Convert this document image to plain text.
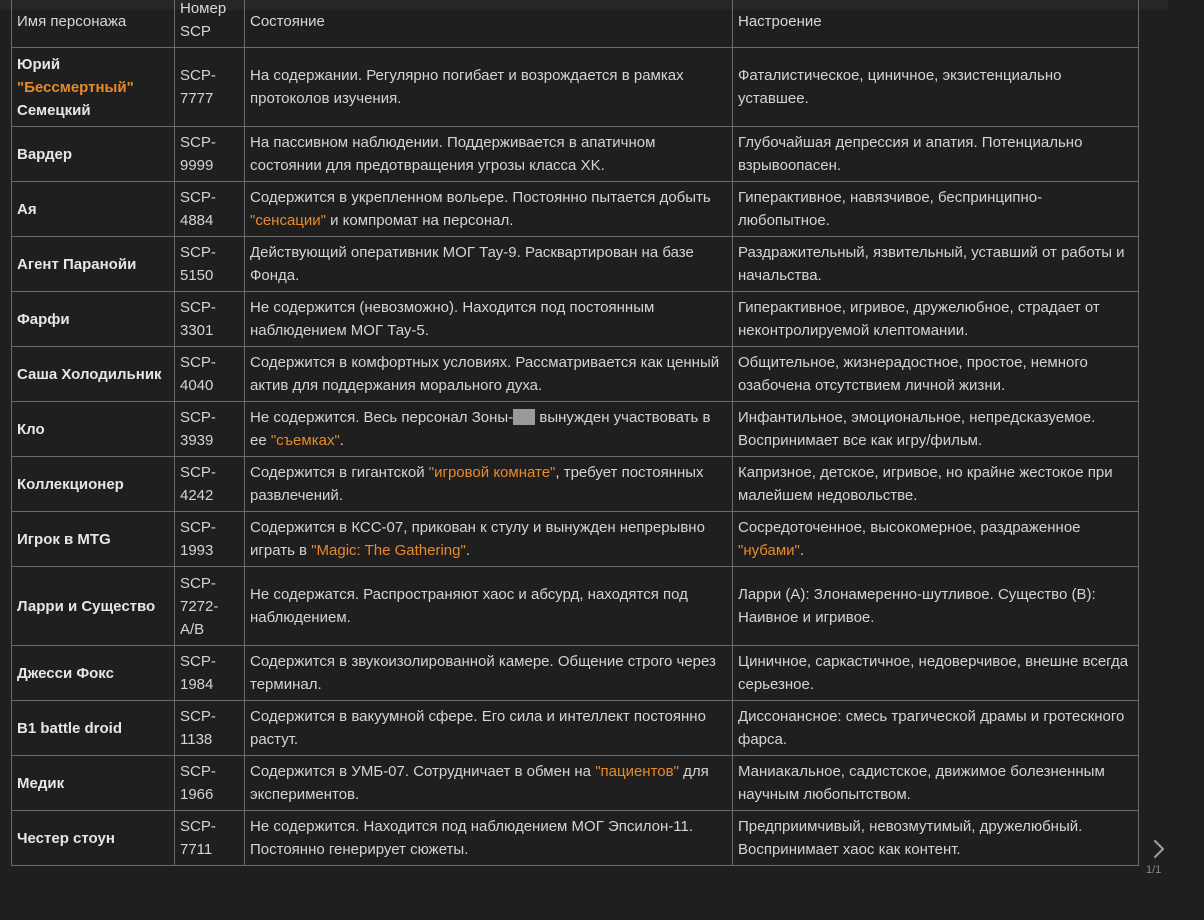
Имя персонажа	Номер SCP	Состояние	Настроение
Юрий "Бессмертный" Семецкий	SCP-7777	На содержании. Регулярно погибает и возрождается в рамках протоколов изучения.	Фаталистическое, циничное, экзистенциально уставшее.
Вардер	SCP-9999	На пассивном наблюдении. Поддерживается в апатичном состоянии для предотвращения угрозы класса XK.	Глубочайшая депрессия и апатия. Потенциально взрывоопасен.
Ая	SCP-4884	Содержится в укрепленном вольере. Постоянно пытается добыть "сенсации" и компромат на персонал.	Гиперактивное, навязчивое, беспринципно-любопытное.
Агент Паранойи	SCP-5150	Действующий оперативник МОГ Тау-9. Расквартирован на базе Фонда.	Раздражительный, язвительный, уставший от работы и начальства.
Фарфи	SCP-3301	Не содержится (невозможно). Находится под постоянным наблюдением МОГ Тау-5.	Гиперактивное, игривое, дружелюбное, страдает от неконтролируемой клептомании.
Саша Холодильник	SCP-4040	Содержится в комфортных условиях. Рассматривается как ценный актив для поддержания морального духа.	Общительное, жизнерадостное, простое, немного озабочена отсутствием личной жизни.
Кло	SCP-3939	Не содержится. Весь персонал Зоны- вынужден участвовать в ее "съемках".	Инфантильное, эмоциональное, непредсказуемое. Воспринимает все как игру/фильм.
Коллекционер	SCP-4242	Содержится в гигантской "игровой комнате", требует постоянных развлечений.	Капризное, детское, игривое, но крайне жестокое при малейшем недовольстве.
Игрок в MTG	SCP-1993	Содержится в КСС-07, прикован к стулу и вынужден непрерывно играть в "Magic: The Gathering".	Сосредоточенное, высокомерное, раздраженное "нубами".
Ларри и Существо	SCP-7272-A/B	Не содержатся. Распространяют хаос и абсурд, находятся под наблюдением.	Ларри (А): Злонамеренно-шутливое. Существо (В): Наивное и игривое.
Джесси Фокс	SCP-1984	Содержится в звукоизолированной камере. Общение строго через терминал.	Циничное, саркастичное, недоверчивое, внешне всегда серьезное.
B1 battle droid	SCP-1138	Содержится в вакуумной сфере. Его сила и интеллект постоянно растут.	Диссонансное: смесь трагической драмы и гротескного фарса.
Медик	SCP-1966	Содержится в УМБ-07. Сотрудничает в обмен на "пациентов" для экспериментов.	Маниакальное, садистское, движимое болезненным научным любопытством.
Честер стоун	SCP-7711	Не содержится. Находится под наблюдением МОГ Эпсилон-11. Постоянно генерирует сюжеты.	Предприимчивый, невозмутимый, дружелюбный. Воспринимает хаос как контент.
1/1
